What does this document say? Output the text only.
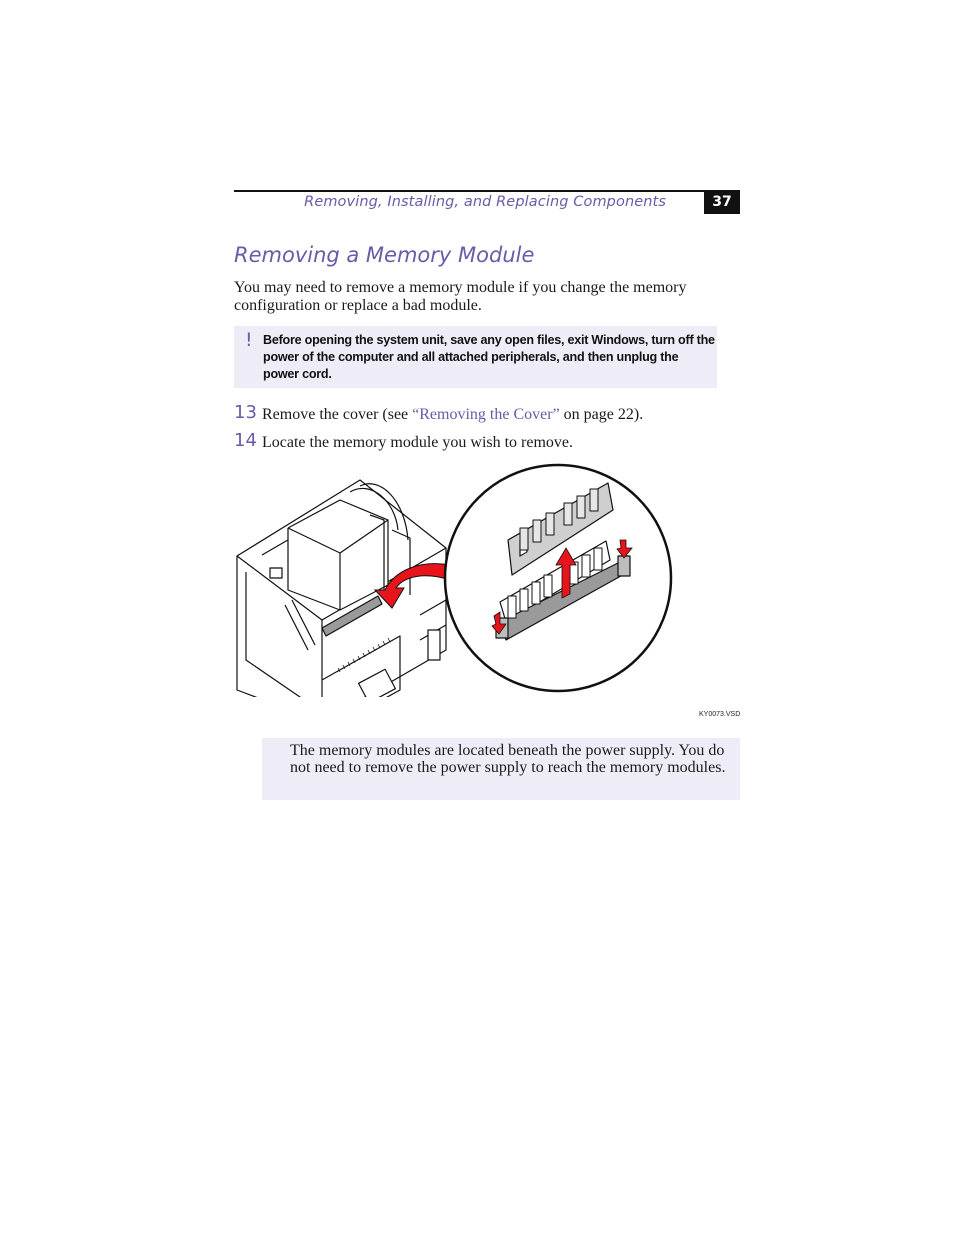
Removing, Installing, and Replacing Components	37
Removing a Memory Module

You may need to remove a memory module if you change the memory configuration or replace a bad module.

! Before opening the system unit, save any open files, exit Windows, turn off the power of the computer and all attached peripherals, and then unplug the power cord.

13 Remove the cover (see “Removing the Cover” on page 22).
14 Locate the memory module you wish to remove.
KY0073.VSD

The memory modules are located beneath the power supply. You do not need to remove the power supply to reach the memory modules.
